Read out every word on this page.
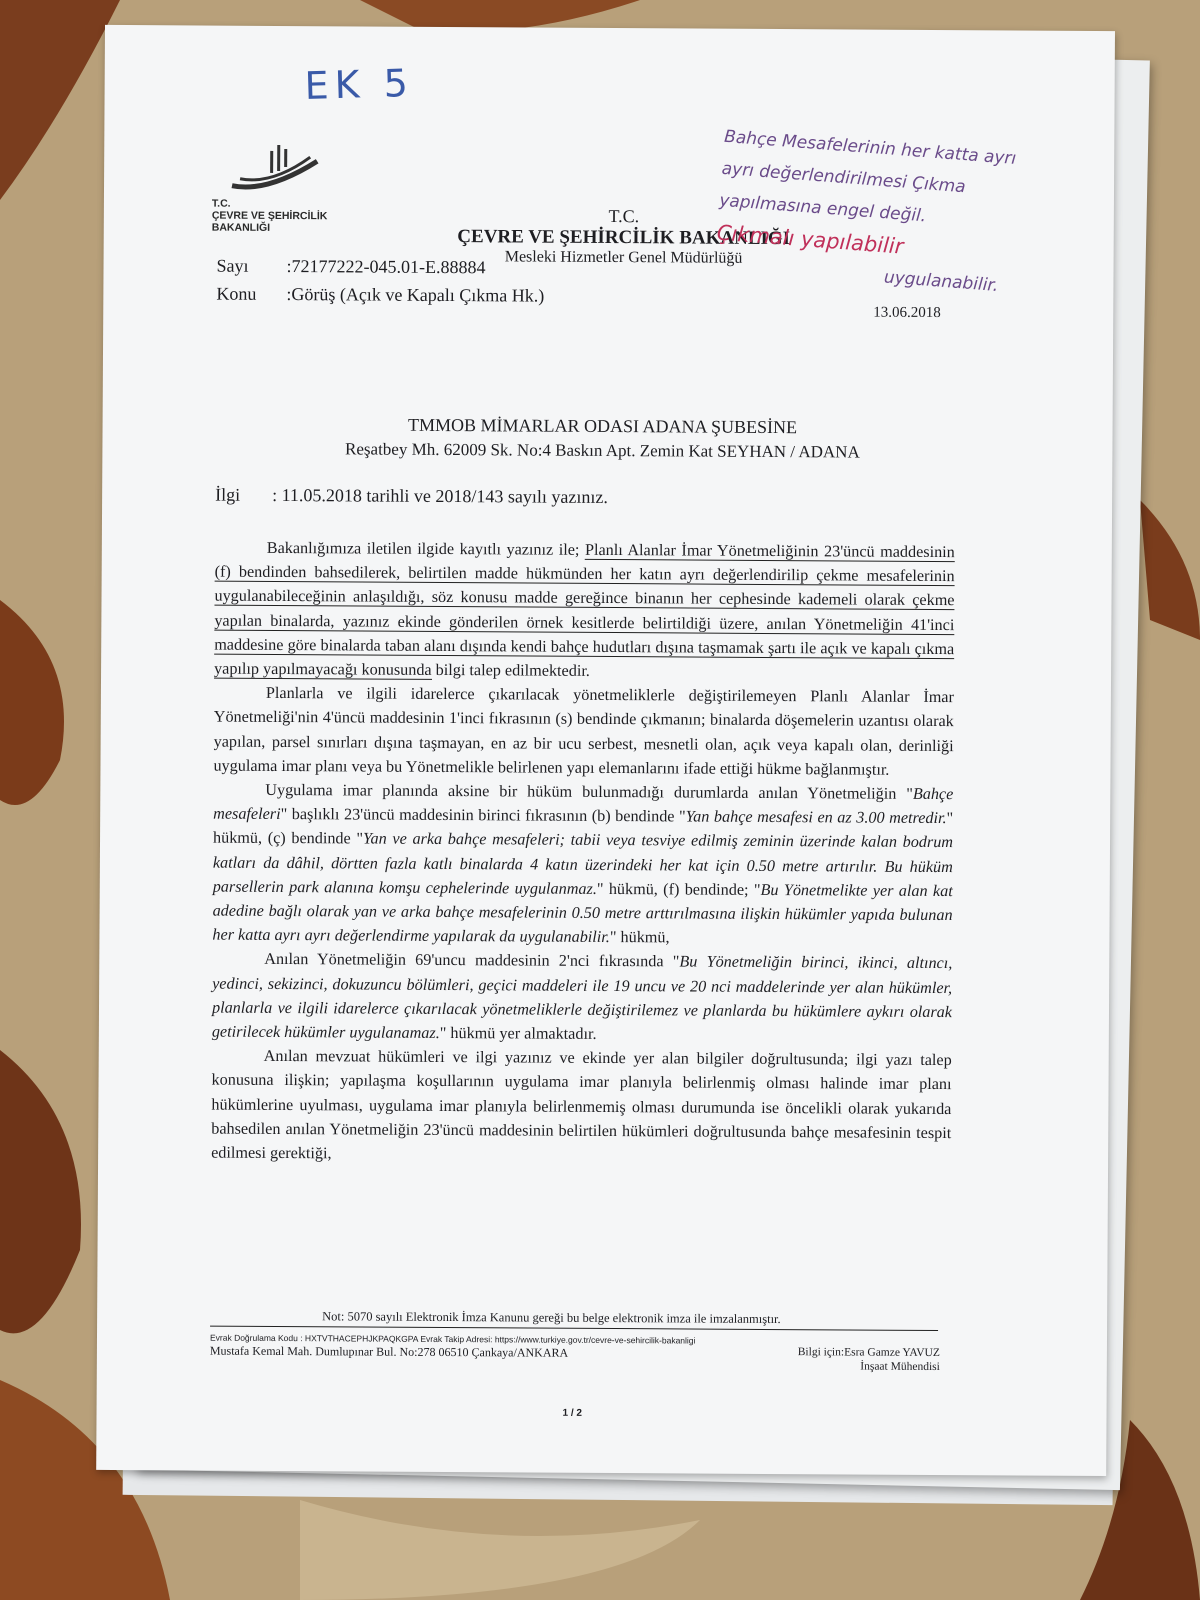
EK 5
T.C.
ÇEVRE VE ŞEHİRCİLİK
BAKANLIĞI
T.C.
ÇEVRE VE ŞEHİRCİLİK BAKANLIĞI
Mesleki Hizmetler Genel Müdürlüğü
Bahçe Mesafelerinin her katta ayrı
ayrı değerlendirilmesi Çıkma
yapılmasına engel değil.
Çıkmalı yapılabilir
uygulanabilir.
Sayı :72177222-045.01-E.88884
Konu :Görüş (Açık ve Kapalı Çıkma Hk.)
13.06.2018
TMMOB MİMARLAR ODASI ADANA ŞUBESİNE
Reşatbey Mh. 62009 Sk. No:4 Baskın Apt. Zemin Kat SEYHAN / ADANA
İlgi : 11.05.2018 tarihli ve 2018/143 sayılı yazınız.

Bakanlığımıza iletilen ilgide kayıtlı yazınız ile; Planlı Alanlar İmar Yönetmeliğinin 23'üncü maddesinin (f) bendinden bahsedilerek, belirtilen madde hükmünden her katın ayrı değerlendirilip çekme mesafelerinin uygulanabileceğinin anlaşıldığı, söz konusu madde gereğince binanın her cephesinde kademeli olarak çekme yapılan binalarda, yazınız ekinde gönderilen örnek kesitlerde belirtildiği üzere, anılan Yönetmeliğin 41'inci maddesine göre binalarda taban alanı dışında kendi bahçe hudutları dışına taşmamak şartı ile açık ve kapalı çıkma yapılıp yapılmayacağı konusunda bilgi talep edilmektedir.

Planlarla ve ilgili idarelerce çıkarılacak yönetmeliklerle değiştirilemeyen Planlı Alanlar İmar Yönetmeliği'nin 4'üncü maddesinin 1'inci fıkrasının (s) bendinde çıkmanın; binalarda döşemelerin uzantısı olarak yapılan, parsel sınırları dışına taşmayan, en az bir ucu serbest, mesnetli olan, açık veya kapalı olan, derinliği uygulama imar planı veya bu Yönetmelikle belirlenen yapı elemanlarını ifade ettiği hükme bağlanmıştır.

Uygulama imar planında aksine bir hüküm bulunmadığı durumlarda anılan Yönetmeliğin "Bahçe mesafeleri" başlıklı 23'üncü maddesinin birinci fıkrasının (b) bendinde "Yan bahçe mesafesi en az 3.00 metredir." hükmü, (ç) bendinde "Yan ve arka bahçe mesafeleri; tabii veya tesviye edilmiş zeminin üzerinde kalan bodrum katları da dâhil, dörtten fazla katlı binalarda 4 katın üzerindeki her kat için 0.50 metre artırılır. Bu hüküm parsellerin park alanına komşu cephelerinde uygulanmaz." hükmü, (f) bendinde; "Bu Yönetmelikte yer alan kat adedine bağlı olarak yan ve arka bahçe mesafelerinin 0.50 metre arttırılmasına ilişkin hükümler yapıda bulunan her katta ayrı ayrı değerlendirme yapılarak da uygulanabilir." hükmü,

Anılan Yönetmeliğin 69'uncu maddesinin 2'nci fıkrasında "Bu Yönetmeliğin birinci, ikinci, altıncı, yedinci, sekizinci, dokuzuncu bölümleri, geçici maddeleri ile 19 uncu ve 20 nci maddelerinde yer alan hükümler, planlarla ve ilgili idarelerce çıkarılacak yönetmeliklerle değiştirilemez ve planlarda bu hükümlere aykırı olarak getirilecek hükümler uygulanamaz." hükmü yer almaktadır.

Anılan mevzuat hükümleri ve ilgi yazınız ve ekinde yer alan bilgiler doğrultusunda; ilgi yazı talep konusuna ilişkin; yapılaşma koşullarının uygulama imar planıyla belirlenmiş olması halinde imar planı hükümlerine uyulması, uygulama imar planıyla belirlenmemiş olması durumunda ise öncelikli olarak yukarıda bahsedilen anılan Yönetmeliğin 23'üncü maddesinin belirtilen hükümleri doğrultusunda bahçe mesafesinin tespit edilmesi gerektiği,

Not: 5070 sayılı Elektronik İmza Kanunu gereği bu belge elektronik imza ile imzalanmıştır.
Evrak Doğrulama Kodu : HXTVTHACEPHJKPAQKGPA Evrak Takip Adresi: https://www.turkiye.gov.tr/cevre-ve-sehircilik-bakanligi
Mustafa Kemal Mah. Dumlupınar Bul. No:278 06510 Çankaya/ANKARA	Bilgi için:Esra Gamze YAVUZ
İnşaat Mühendisi
1 / 2
